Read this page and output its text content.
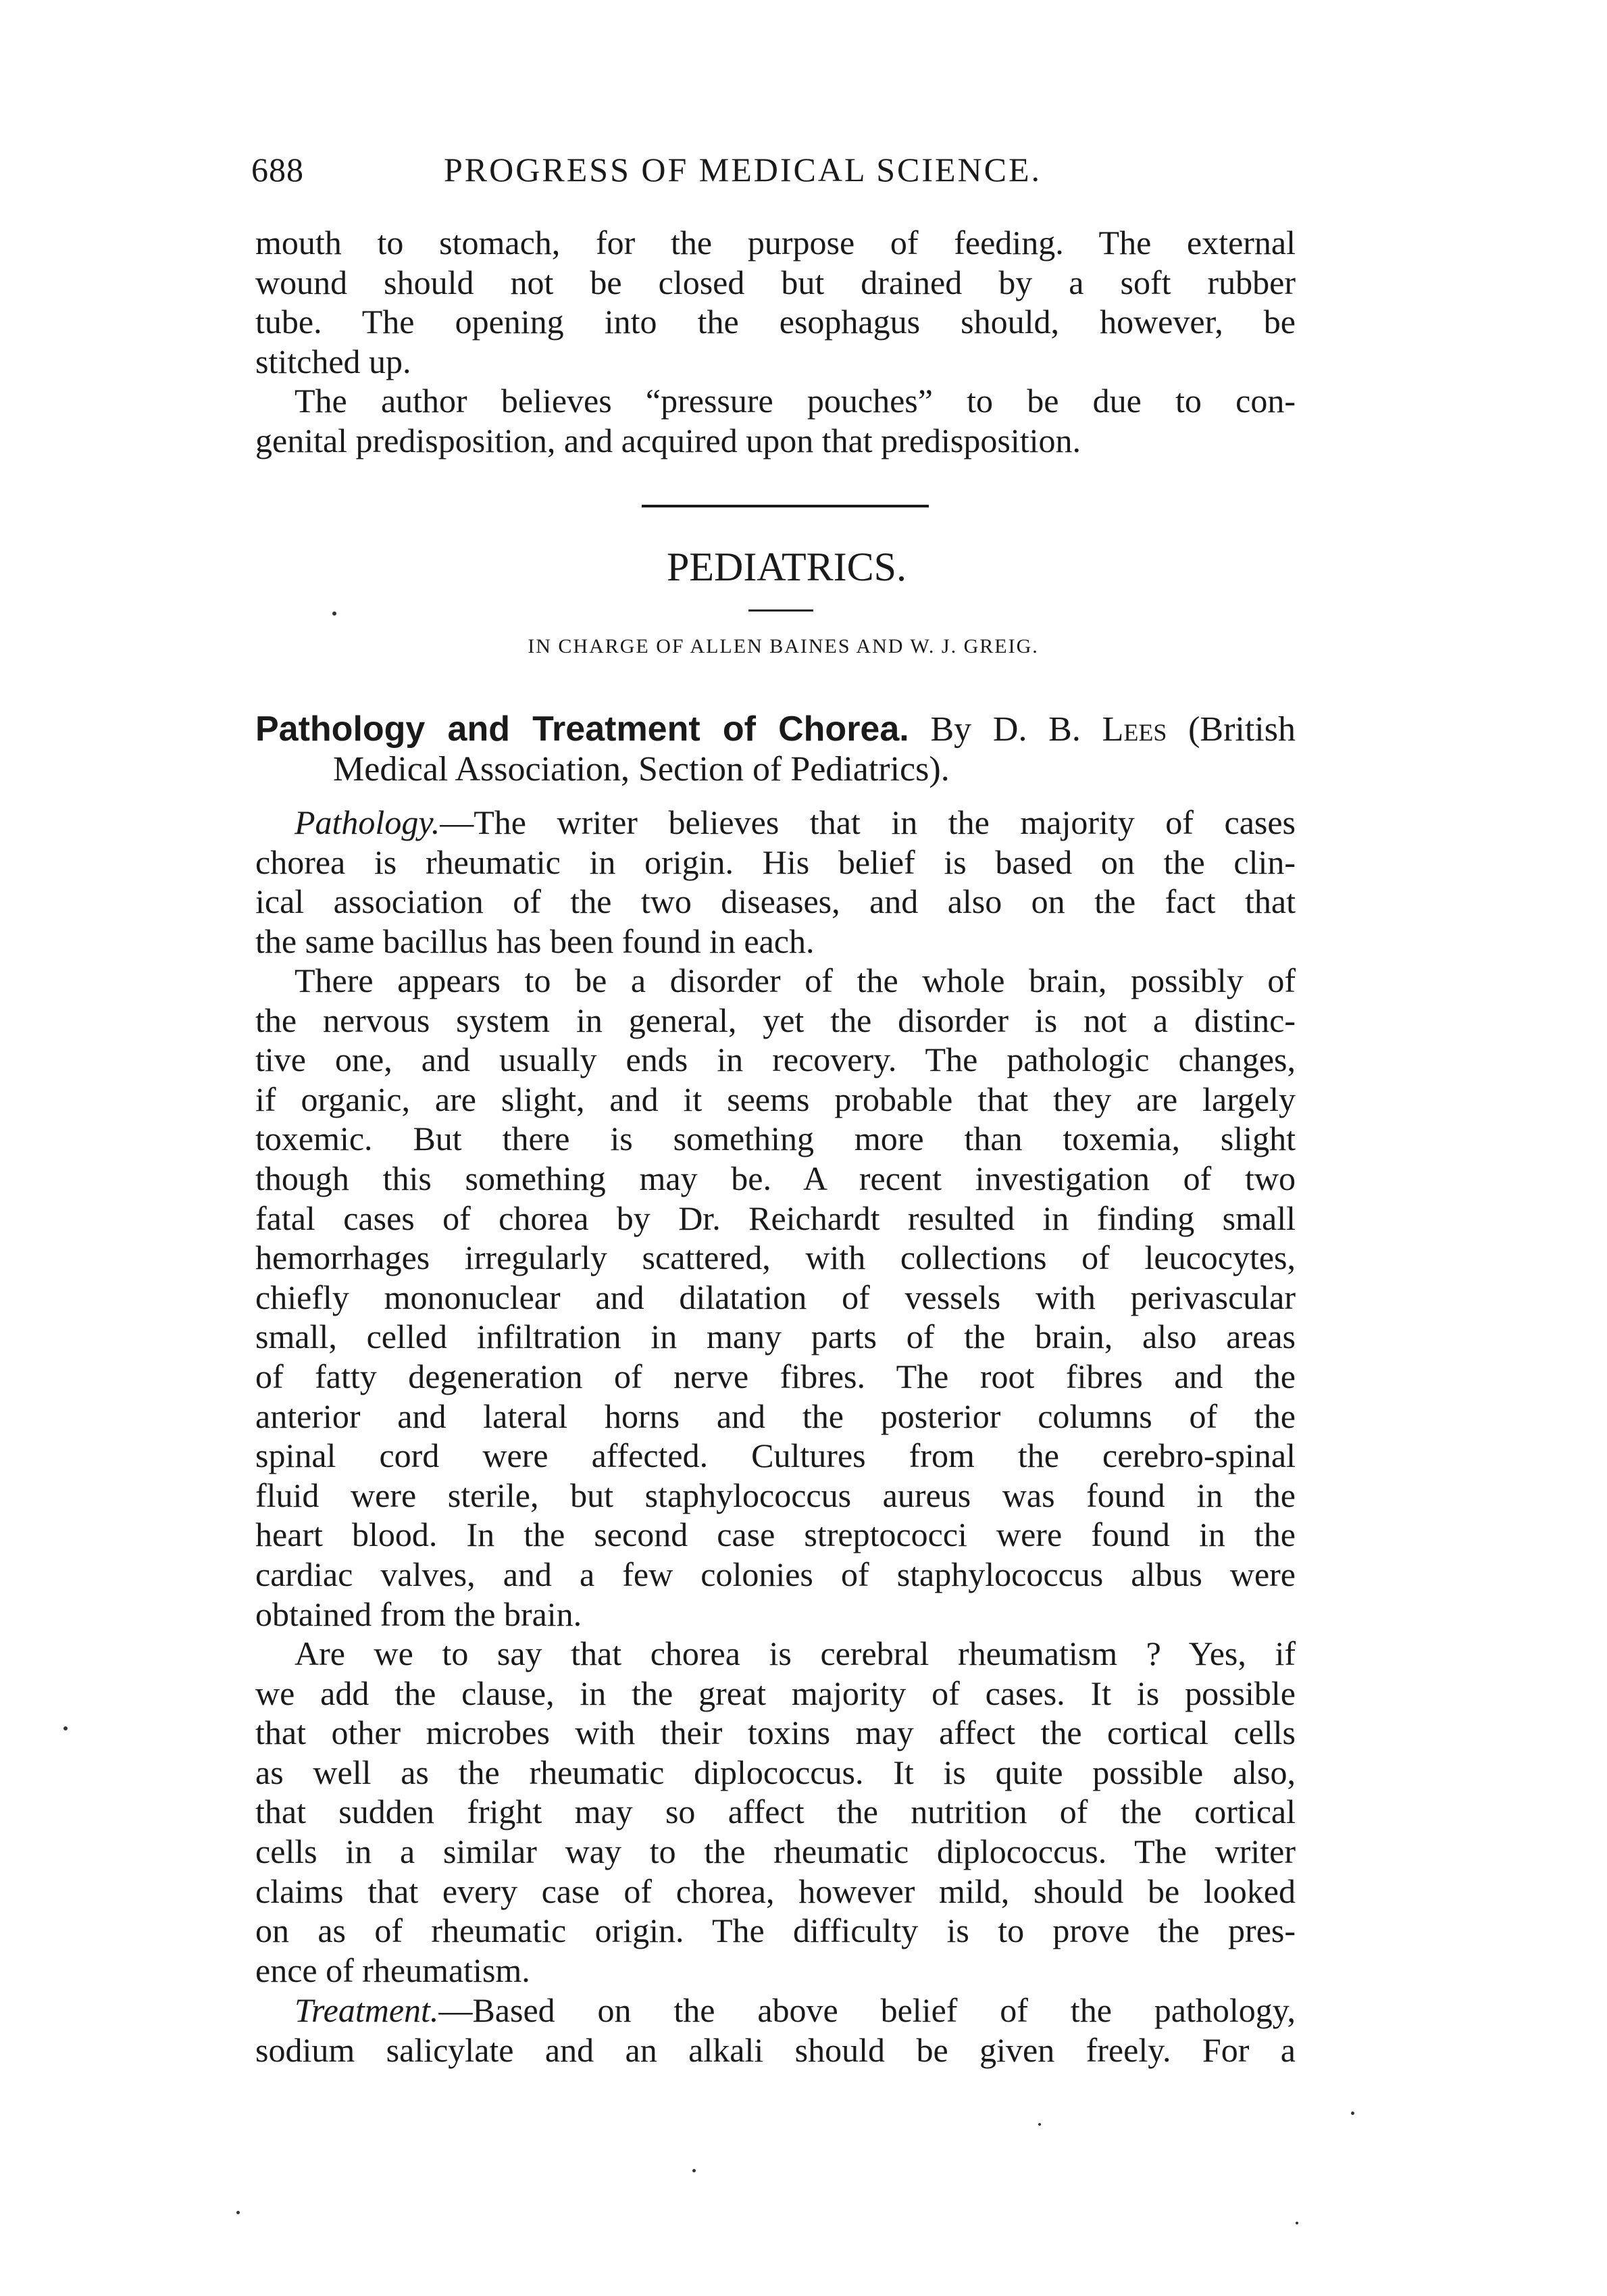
688	PROGRESS OF MEDICAL SCIENCE.
mouth to stomach, for the purpose of feeding. The external
wound should not be closed but drained by a soft rubber
tube. The opening into the esophagus should, however, be
stitched up.
The author believes “pressure pouches” to be due to con-
genital predisposition, and acquired upon that predisposition.
PEDIATRICS.
IN CHARGE OF ALLEN BAINES AND W. J. GREIG.
Pathology and Treatment of Chorea. By D. B. Lees (British
Medical Association, Section of Pediatrics).
Pathology.—The writer believes that in the majority of cases
chorea is rheumatic in origin. His belief is based on the clin-
ical association of the two diseases, and also on the fact that
the same bacillus has been found in each.
There appears to be a disorder of the whole brain, possibly of
the nervous system in general, yet the disorder is not a distinc-
tive one, and usually ends in recovery. The pathologic changes,
if organic, are slight, and it seems probable that they are largely
toxemic. But there is something more than toxemia, slight
though this something may be. A recent investigation of two
fatal cases of chorea by Dr. Reichardt resulted in finding small
hemorrhages irregularly scattered, with collections of leucocytes,
chiefly mononuclear and dilatation of vessels with perivascular
small, celled infiltration in many parts of the brain, also areas
of fatty degeneration of nerve fibres. The root fibres and the
anterior and lateral horns and the posterior columns of the
spinal cord were affected. Cultures from the cerebro-spinal
fluid were sterile, but staphylococcus aureus was found in the
heart blood. In the second case streptococci were found in the
cardiac valves, and a few colonies of staphylococcus albus were
obtained from the brain.
Are we to say that chorea is cerebral rheumatism ? Yes, if
we add the clause, in the great majority of cases. It is possible
that other microbes with their toxins may affect the cortical cells
as well as the rheumatic diplococcus. It is quite possible also,
that sudden fright may so affect the nutrition of the cortical
cells in a similar way to the rheumatic diplococcus. The writer
claims that every case of chorea, however mild, should be looked
on as of rheumatic origin. The difficulty is to prove the pres-
ence of rheumatism.
Treatment.—Based on the above belief of the pathology,
sodium salicylate and an alkali should be given freely. For a
